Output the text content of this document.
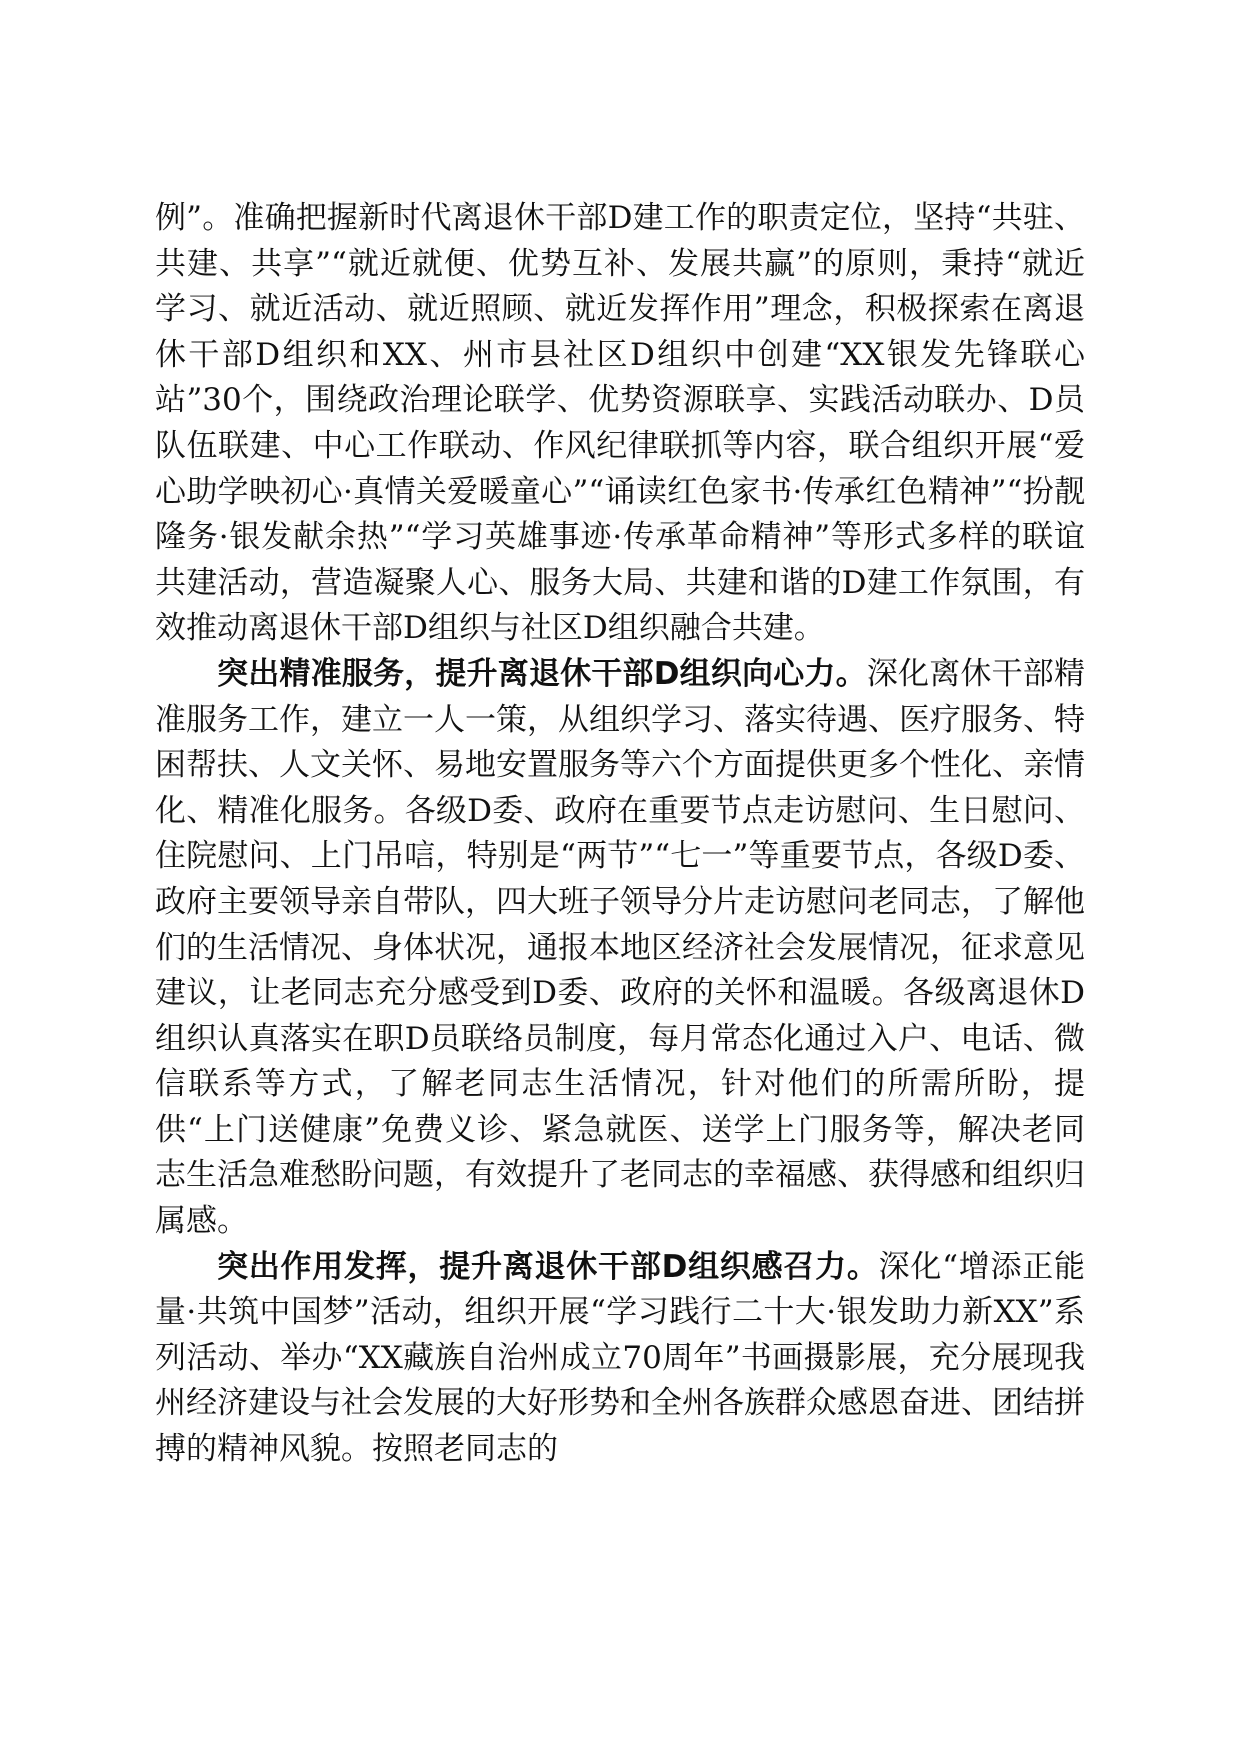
例”。准确把握新时代离退休干部D建工作的职责定位，坚持“共驻、共建、共享”“就近就便、优势互补、发展共赢”的原则，秉持“就近学习、就近活动、就近照顾、就近发挥作用”理念，积极探索在离退休干部D组织和XX、州市县社区D组织中创建“XX银发先锋联心站”30个，围绕政治理论联学、优势资源联享、实践活动联办、D员队伍联建、中心工作联动、作风纪律联抓等内容，联合组织开展“爱心助学映初心·真情关爱暖童心”“诵读红色家书·传承红色精神”“扮靓隆务·银发献余热”“学习英雄事迹·传承革命精神”等形式多样的联谊共建活动，营造凝聚人心、服务大局、共建和谐的D建工作氛围，有效推动离退休干部D组织与社区D组织融合共建。

突出精准服务，提升离退休干部D组织向心力。深化离休干部精准服务工作，建立一人一策，从组织学习、落实待遇、医疗服务、特困帮扶、人文关怀、易地安置服务等六个方面提供更多个性化、亲情化、精准化服务。各级D委、政府在重要节点走访慰问、生日慰问、住院慰问、上门吊唁，特别是“两节”“七一”等重要节点，各级D委、政府主要领导亲自带队，四大班子领导分片走访慰问老同志，了解他们的生活情况、身体状况，通报本地区经济社会发展情况，征求意见建议，让老同志充分感受到D委、政府的关怀和温暖。各级离退休D组织认真落实在职D员联络员制度，每月常态化通过入户、电话、微信联系等方式，了解老同志生活情况，针对他们的所需所盼，提供“上门送健康”免费义诊、紧急就医、送学上门服务等，解决老同志生活急难愁盼问题，有效提升了老同志的幸福感、获得感和组织归属感。

突出作用发挥，提升离退休干部D组织感召力。深化“增添正能量·共筑中国梦”活动，组织开展“学习践行二十大·银发助力新XX”系列活动、举办“XX藏族自治州成立70周年”书画摄影展，充分展现我州经济建设与社会发展的大好形势和全州各族群众感恩奋进、团结拼搏的精神风貌。按照老同志的
